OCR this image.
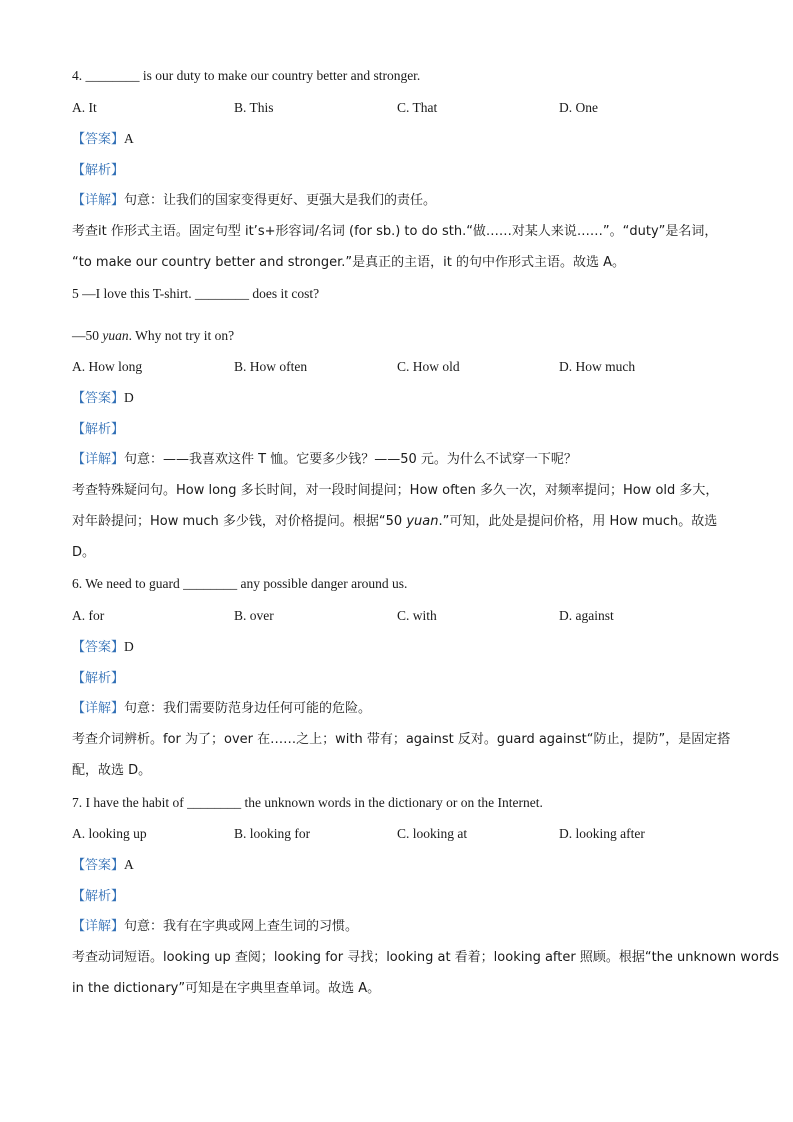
4. ________ is our duty to make our country better and stronger.
A. It	B. This	C. That	D. One
【答案】A
【解析】
【详解】句意：让我们的国家变得更好、更强大是我们的责任。
考查it 作形式主语。固定句型 it’s+形容词/名词 (for sb.) to do sth.“做……对某人来说……”。“duty”是名词，
“to make our country better and stronger.”是真正的主语，it 的句中作形式主语。故选 A。
5 —I love this T-shirt. ________ does it cost?
—50 yuan. Why not try it on?
A. How long	B. How often	C. How old	D. How much
【答案】D
【解析】
【详解】句意：——我喜欢这件 T 恤。它要多少钱？——50 元。为什么不试穿一下呢？
考查特殊疑问句。How long 多长时间，对一段时间提问；How often 多久一次，对频率提问；How old 多大，
对年龄提问；How much 多少钱，对价格提问。根据“50 yuan.”可知，此处是提问价格，用 How much。故选
D。
6. We need to guard ________ any possible danger around us.
A. for	B. over	C. with	D. against
【答案】D
【解析】
【详解】句意：我们需要防范身边任何可能的危险。
考查介词辨析。for 为了；over 在……之上；with 带有；against 反对。guard against“防止，提防”，是固定搭
配，故选 D。
7. I have the habit of ________ the unknown words in the dictionary or on the Internet.
A. looking up	B. looking for	C. looking at	D. looking after
【答案】A
【解析】
【详解】句意：我有在字典或网上查生词的习惯。
考查动词短语。looking up 查阅；looking for 寻找；looking at 看着；looking after 照顾。根据“the unknown words
in the dictionary”可知是在字典里查单词。故选 A。
